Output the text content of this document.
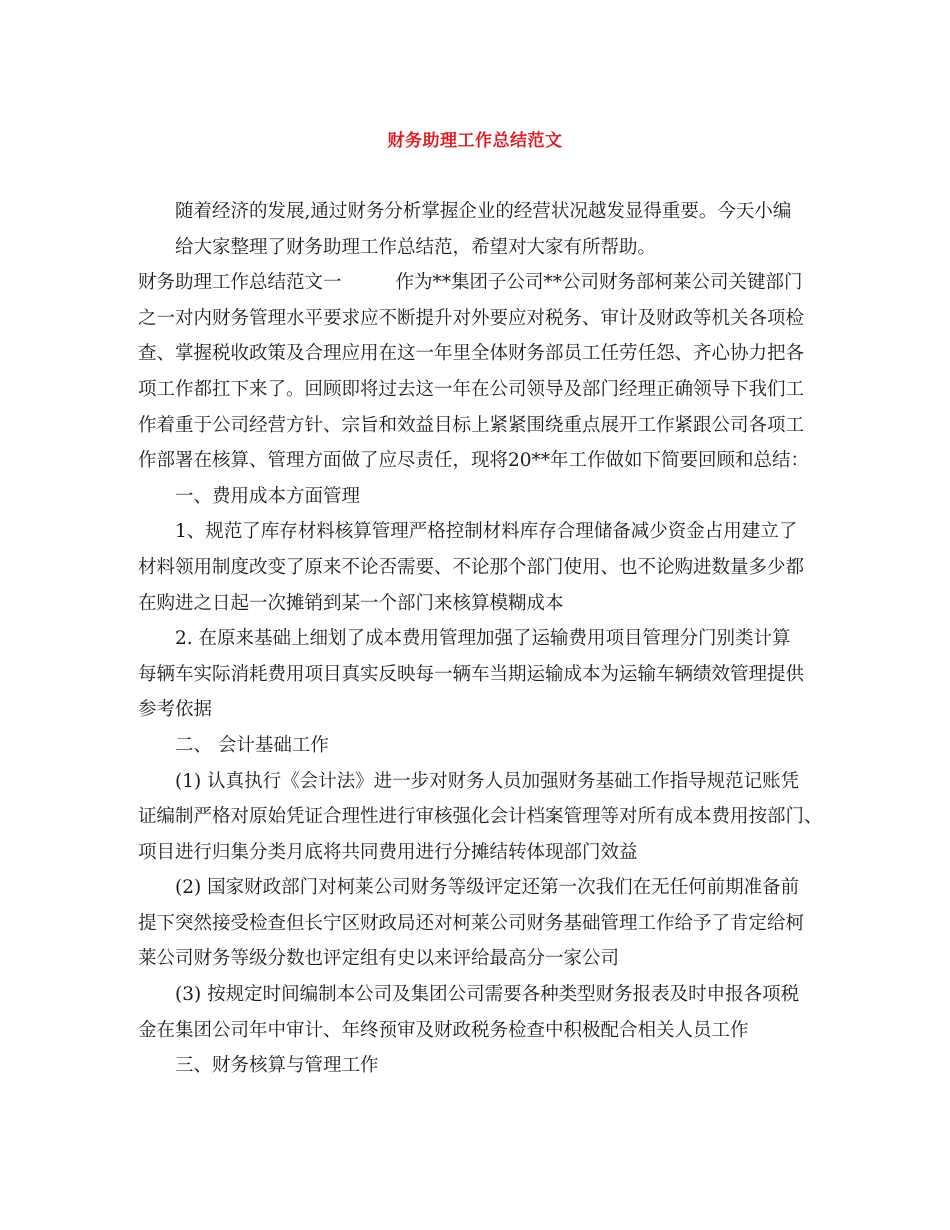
财务助理工作总结范文
随着经济的发展,通过财务分析掌握企业的经营状况越发显得重要。今天小编
给大家整理了财务助理工作总结范，希望对大家有所帮助。
财务助理工作总结范文一	作为**集团子公司**公司财务部柯莱公司关键部门
之一对内财务管理水平要求应不断提升对外要应对税务、审计及财政等机关各项检
查、掌握税收政策及合理应用在这一年里全体财务部员工任劳任怨、齐心协力把各
项工作都扛下来了。回顾即将过去这一年在公司领导及部门经理正确领导下我们工
作着重于公司经营方针、宗旨和效益目标上紧紧围绕重点展开工作紧跟公司各项工
作部署在核算、管理方面做了应尽责任，现将20**年工作做如下简要回顾和总结：
一、费用成本方面管理
1、规范了库存材料核算管理严格控制材料库存合理储备减少资金占用建立了
材料领用制度改变了原来不论否需要、不论那个部门使用、也不论购进数量多少都
在购进之日起一次摊销到某一个部门来核算模糊成本
2. 在原来基础上细划了成本费用管理加强了运输费用项目管理分门别类计算
每辆车实际消耗费用项目真实反映每一辆车当期运输成本为运输车辆绩效管理提供
参考依据
二、 会计基础工作
(1) 认真执行《会计法》进一步对财务人员加强财务基础工作指导规范记账凭
证编制严格对原始凭证合理性进行审核强化会计档案管理等对所有成本费用按部门、
项目进行归集分类月底将共同费用进行分摊结转体现部门效益
(2) 国家财政部门对柯莱公司财务等级评定还第一次我们在无任何前期准备前
提下突然接受检查但长宁区财政局还对柯莱公司财务基础管理工作给予了肯定给柯
莱公司财务等级分数也评定组有史以来评给最高分一家公司
(3) 按规定时间编制本公司及集团公司需要各种类型财务报表及时申报各项税
金在集团公司年中审计、年终预审及财政税务检查中积极配合相关人员工作
三、财务核算与管理工作
